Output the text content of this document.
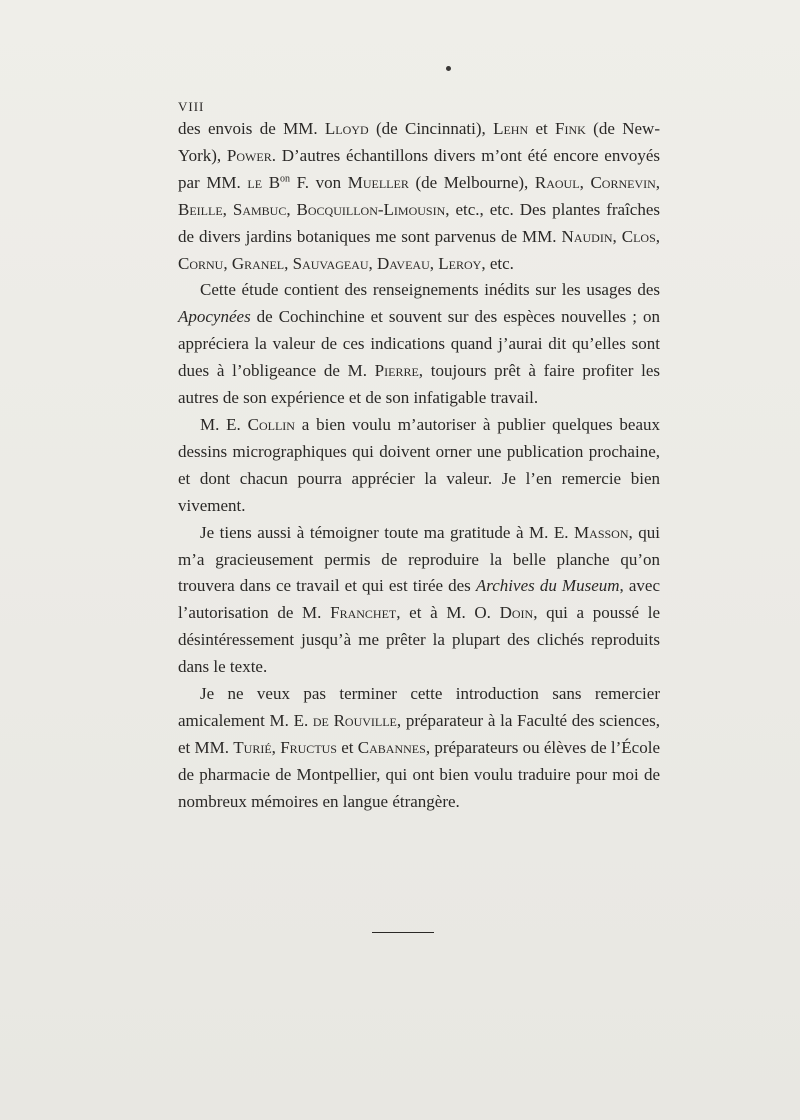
VIII

des envois de MM. Lloyd (de Cincinnati), Lehn et Fink (de New-York), Power. D’autres échantillons divers m’ont été encore envoyés par MM. le $B^{on}$ F. von Mueller (de Melbourne), Raoul, Cornevin, Beille, Sambuc, Bocquillon-Limousin, etc., etc. Des plantes fraîches de divers jardins botaniques me sont parvenus de MM. Naudin, Clos, Cornu, Granel, Sauvageau, Daveau, Leroy, etc.

Cette étude contient des renseignements inédits sur les usages des Apocynées de Cochinchine et souvent sur des espèces nouvelles ; on appréciera la valeur de ces indications quand j’aurai dit qu’elles sont dues à l’obligeance de M. Pierre, toujours prêt à faire profiter les autres de son expérience et de son infatigable travail.

M. E. Collin a bien voulu m’autoriser à publier quelques beaux dessins micrographiques qui doivent orner une publication prochaine, et dont chacun pourra apprécier la valeur. Je l’en remercie bien vivement.

Je tiens aussi à témoigner toute ma gratitude à M. E. Masson, qui m’a gracieusement permis de reproduire la belle planche qu’on trouvera dans ce travail et qui est tirée des Archives du Museum, avec l’autorisation de M. Franchet, et à M. O. Doin, qui a poussé le désintéressement jusqu’à me prêter la plupart des clichés reproduits dans le texte.

Je ne veux pas terminer cette introduction sans remercier amicalement M. E. de Rouville, préparateur à la Faculté des sciences, et MM. Turié, Fructus et Cabannes, préparateurs ou élèves de l’École de pharmacie de Montpellier, qui ont bien voulu traduire pour moi de nombreux mémoires en langue étrangère.
